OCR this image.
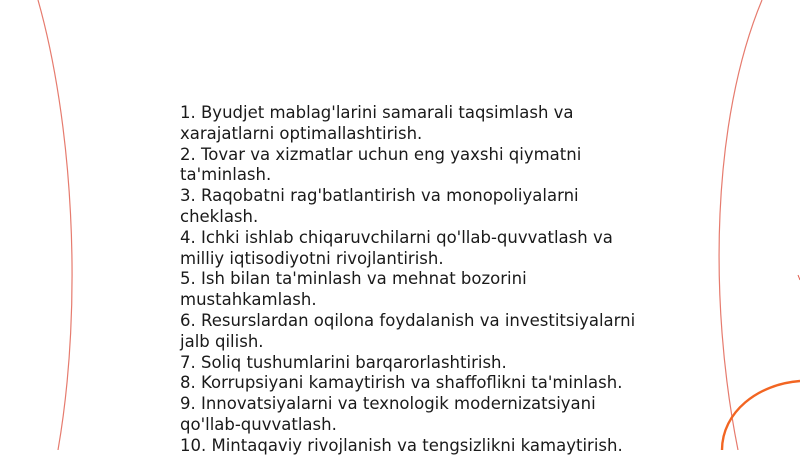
1. Byudjet mablag'larini samarali taqsimlash va xarajatlarni optimallashtirish.

2. Tovar va xizmatlar uchun eng yaxshi qiymatni ta'minlash.

3. Raqobatni rag'batlantirish va monopoliyalarni cheklash.

4. Ichki ishlab chiqaruvchilarni qo'llab-quvvatlash va milliy iqtisodiyotni rivojlantirish.

5. Ish bilan ta'minlash va mehnat bozorini mustahkamlash.

6. Resurslardan oqilona foydalanish va investitsiyalarni jalb qilish.

7. Soliq tushumlarini barqarorlashtirish.

8. Korrupsiyani kamaytirish va shaffoflikni ta'minlash.

9. Innovatsiyalarni va texnologik modernizatsiyani qo'llab-quvvatlash.

10. Mintaqaviy rivojlanish va tengsizlikni kamaytirish.
